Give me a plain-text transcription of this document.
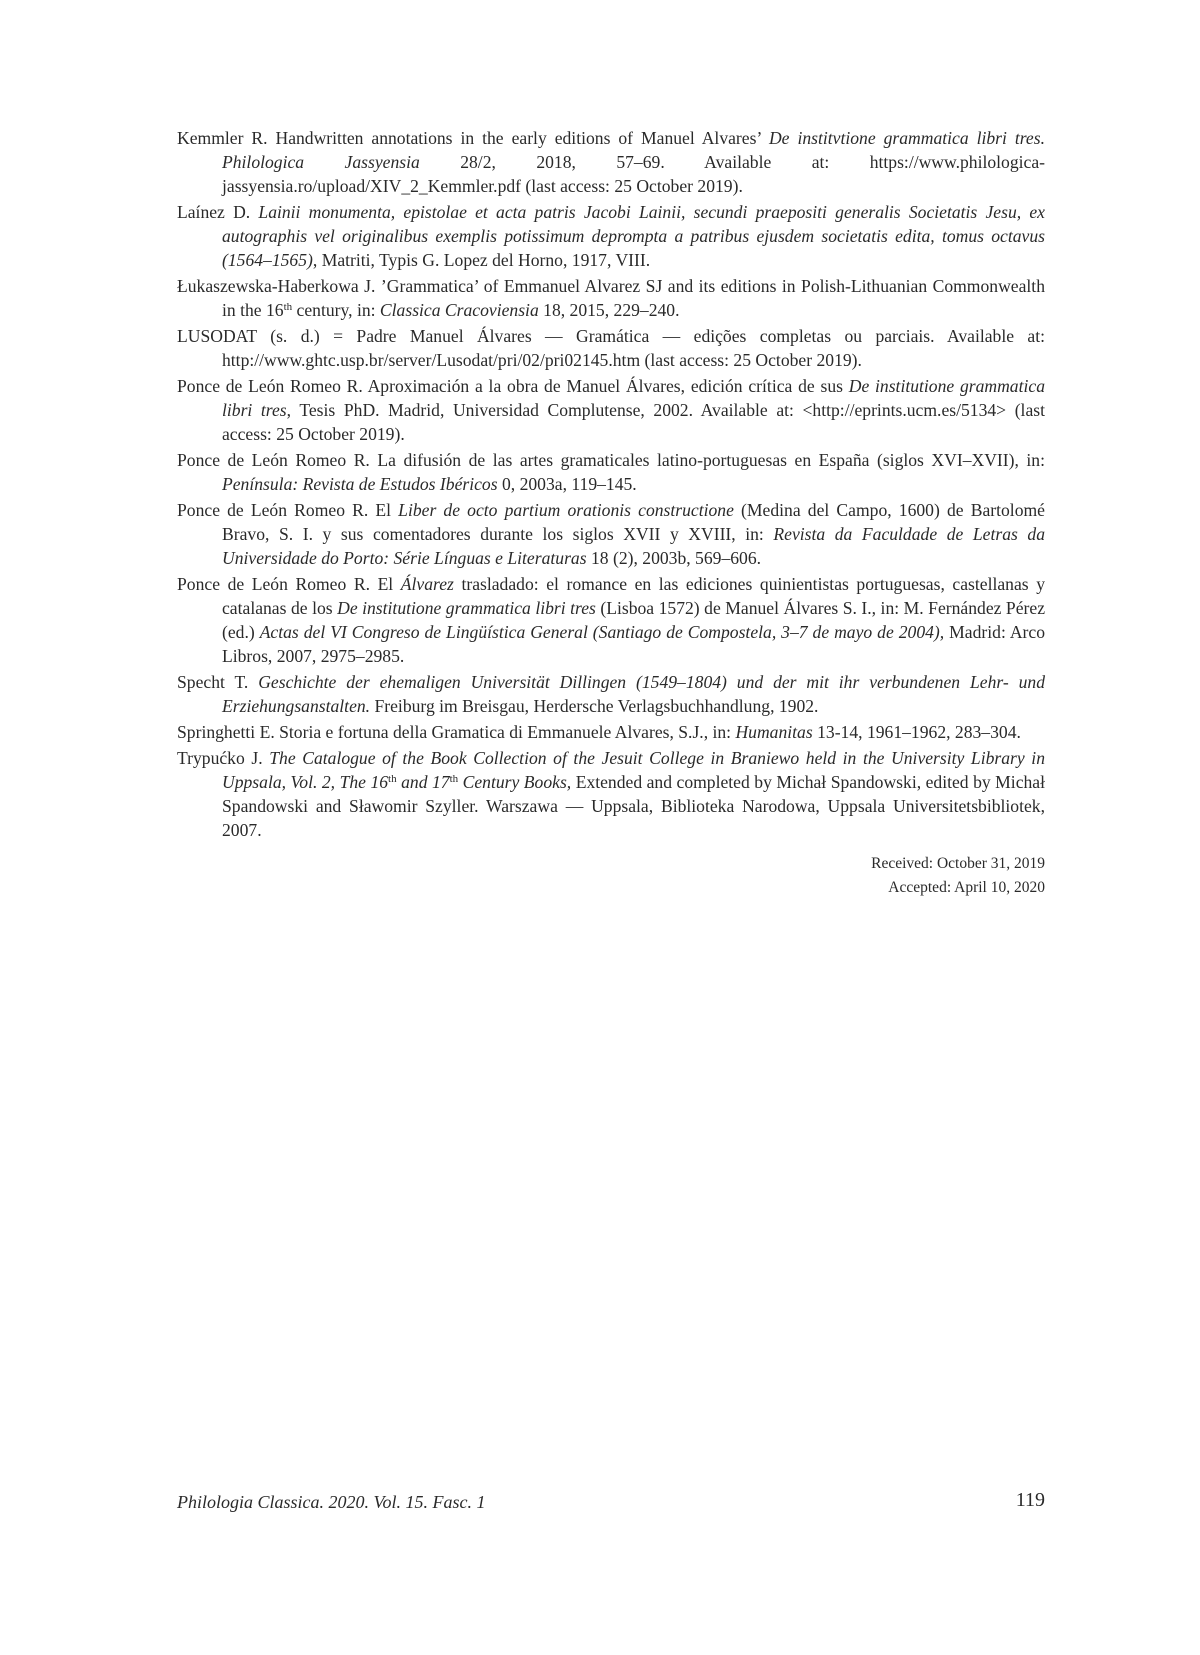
Kemmler R. Handwritten annotations in the early editions of Manuel Alvares’ De institvtione grammatica libri tres. Philologica Jassyensia 28/2, 2018, 57–69. Available at: https://www.philologica-jassyensia.ro/upload/XIV_2_Kemmler.pdf (last access: 25 October 2019).

Laínez D. Lainii monumenta, epistolae et acta patris Jacobi Lainii, secundi praepositi generalis Societatis Jesu, ex autographis vel originalibus exemplis potissimum deprompta a patribus ejusdem societatis edita, tomus octavus (1564–1565), Matriti, Typis G. Lopez del Horno, 1917, VIII.

Łukaszewska-Haberkowa J. ’Grammatica’ of Emmanuel Alvarez SJ and its editions in Polish-Lithuanian Commonwealth in the 16th century, in: Classica Cracoviensia 18, 2015, 229–240.

LUSODAT (s. d.) = Padre Manuel Álvares — Gramática — edições completas ou parciais. Available at: http://www.ghtc.usp.br/server/Lusodat/pri/02/pri02145.htm (last access: 25 October 2019).

Ponce de León Romeo R. Aproximación a la obra de Manuel Álvares, edición crítica de sus De institutione grammatica libri tres, Tesis PhD. Madrid, Universidad Complutense, 2002. Available at: <http://eprints.ucm.es/5134> (last access: 25 October 2019).

Ponce de León Romeo R. La difusión de las artes gramaticales latino-portuguesas en España (siglos XVI–XVII), in: Península: Revista de Estudos Ibéricos 0, 2003a, 119–145.

Ponce de León Romeo R. El Liber de octo partium orationis constructione (Medina del Campo, 1600) de Bartolomé Bravo, S. I. y sus comentadores durante los siglos XVII y XVIII, in: Revista da Faculdade de Letras da Universidade do Porto: Série Línguas e Literaturas 18 (2), 2003b, 569–606.

Ponce de León Romeo R. El Álvarez trasladado: el romance en las ediciones quinientistas portuguesas, castellanas y catalanas de los De institutione grammatica libri tres (Lisboa 1572) de Manuel Álvares S. I., in: M. Fernández Pérez (ed.) Actas del VI Congreso de Lingüística General (Santiago de Compostela, 3–7 de mayo de 2004), Madrid: Arco Libros, 2007, 2975–2985.

Specht T. Geschichte der ehemaligen Universität Dillingen (1549–1804) und der mit ihr verbundenen Lehr- und Erziehungsanstalten. Freiburg im Breisgau, Herdersche Verlagsbuchhandlung, 1902.

Springhetti E. Storia e fortuna della Gramatica di Emmanuele Alvares, S.J., in: Humanitas 13-14, 1961–1962, 283–304.

Trypućko J. The Catalogue of the Book Collection of the Jesuit College in Braniewo held in the University Library in Uppsala, Vol. 2, The 16th and 17th Century Books, Extended and completed by Michał Spandowski, edited by Michał Spandowski and Sławomir Szyller. Warszawa — Uppsala, Biblioteka Narodowa, Uppsala Universitetsbibliotek, 2007.

Received: October 31, 2019
Accepted: April 10, 2020
Philologia Classica. 2020. Vol. 15. Fasc. 1	119
